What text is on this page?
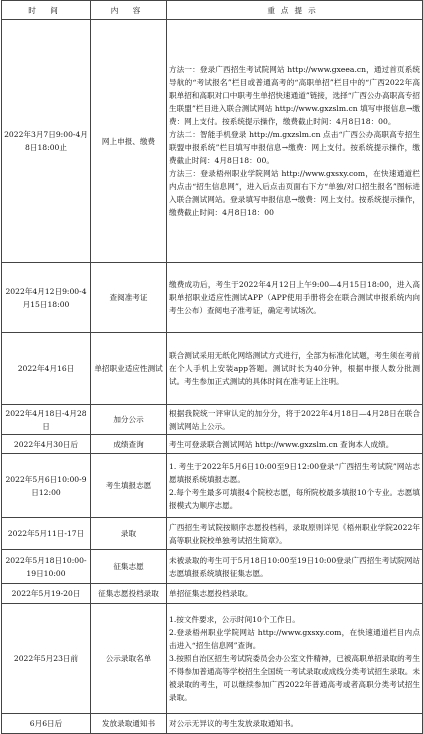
时 间	内 容	重点提示
2022年3月7日9:00-4月8日18:00止	网上申报、缴费	方法一：登录广西招生考试院网站 http://www.gxeea.cn，通过首页系统导航的“考试报名”栏目或普通高考的“高职单招”栏目中的“广西2022年高职单招和高职对口中职考生单招快速通道”链接，选择“广西公办高职高专招生联盟”栏目进入联合测试网站 http://www.gxzslm.cn 填写申报信息→缴费：网上支付。按系统提示操作，缴费截止时间：4月8日18：00。
方法二：智能手机登录 http://m.gxzslm.cn 点击“广西公办高职高专招生联盟申报系统”栏目填写申报信息→缴费：网上支付。按系统提示操作，缴费截止时间：4月8日18：00。
方法三：登录梧州职业学院网站 http://www.gxsxy.com，在快速通道栏内点击“招生信息网”，进入后点击页面右下方“单独/对口招生报名”图标进入联合测试网站。登录填写申报信息→缴费：网上支付。按系统提示操作，缴费截止时间：4月8日18：00

2022年4月12日9:00-4月15日18:00	查阅准考证	缴费成功后，考生于2022年4月12日上午9:00—4月15日18:00，进入高职单招职业适应性测试APP（APP使用手册将会在联合测试申报系统内向考生公布）查阅电子准考证，确定考试场次。

2022年4月16日	单招职业适应性测试	联合测试采用无纸化网络测试方式进行，全部为标准化试题，考生须在考前在个人手机上安装app答题。测试时长为40分钟，根据申报人数分批测试。考生参加正式测试的具体时间在准考证上注明。

2022年4月18日-4月28日	加分公示	根据我院统一评审认定的加分分，将于2022年4月18日—4月28日在联合测试网站上公示。

2022年4月30日后	成绩查询	考生可登录联合测试网站 http://www.gxzslm.cn 查询本人成绩。

2022年5月6日10:00-9日12:00	考生填报志愿	1. 考生于2022年5月6日10:00至9日12:00登录“广西招生考试院”网站志愿填报系统填报志愿。
2.每个考生最多可填报4个院校志愿，每所院校最多填报10个专业。志愿填报模式为顺序志愿。

2022年5月11日-17日	录取	广西招生考试院按顺序志愿投档科，录取原则详见《梧州职业学院2022年高等职业院校单独考试招生简章》。

2022年5月18日10:00-19日10:00	征集志愿	未被录取的考生可于5月18日10:00至19日10:00登录广西招生考试院网站志愿填报系统填报征集志愿。

2022年5月19-20日	征集志愿投档录取	单招征集志愿投档录取。

2022年5月23日前	公示录取名单	1.按文件要求，公示时间10个工作日。
2.登录梧州职业学院网站 http://www.gxsxy.com，在快速通道栏目内点击进入“招生信息网”查询。
3.按照自治区招生考试院委员会办公室文件精神，已被高职单招录取的考生不得参加普通高等学校招生全国统一考试录取或成线分类考试招生录取。未被录取的考生，可以继续参加广西2022年普通高考或者高职分类考试招生录取。

6月6日后	发放录取通知书	对公示无异议的考生发放录取通知书。
